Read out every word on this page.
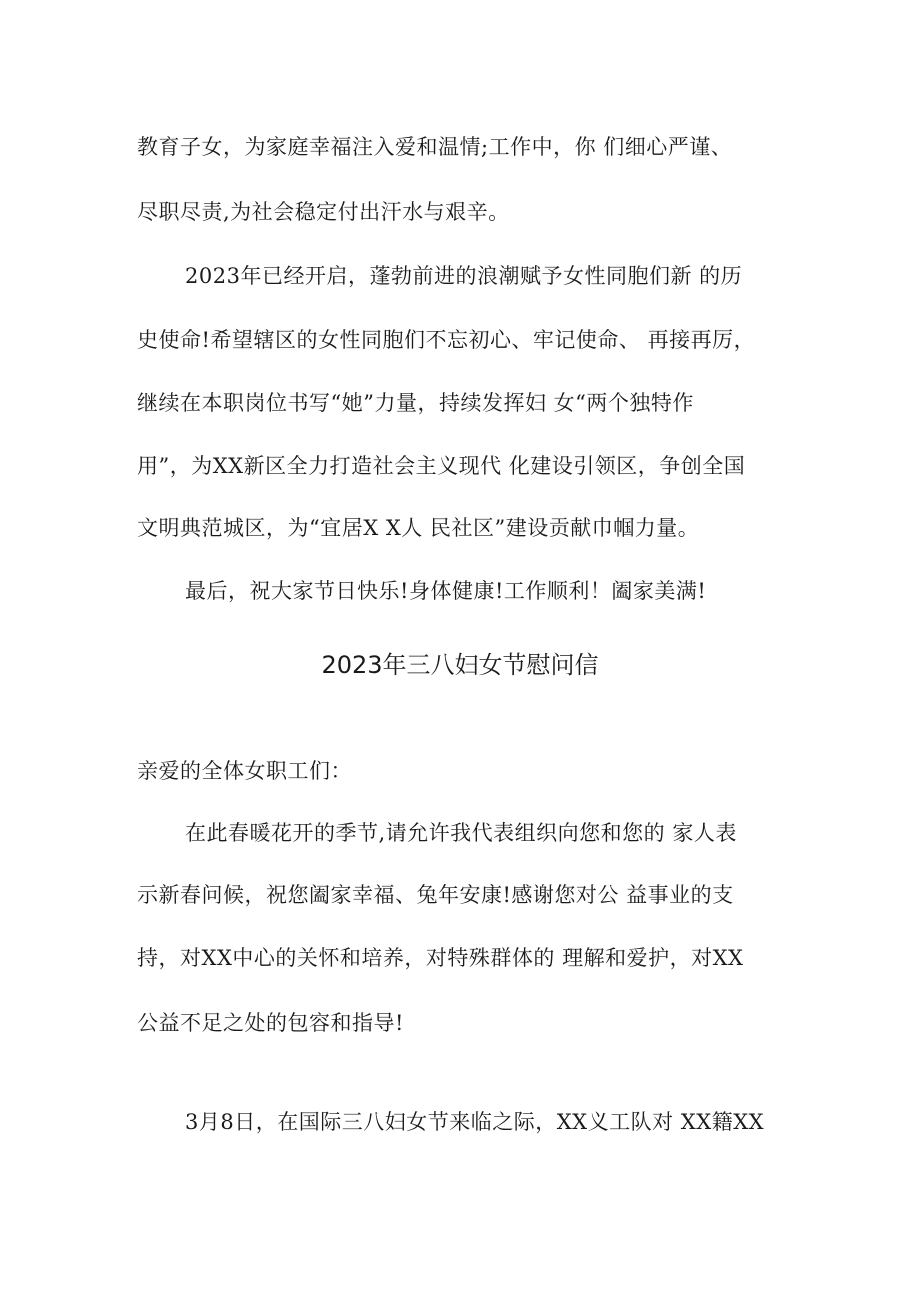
教育子女，为家庭幸福注入爱和温情;工作中，你 们细心严谨、
尽职尽责,为社会稳定付出汗水与艰辛。
2023年已经开启，蓬勃前进的浪潮赋予女性同胞们新 的历
史使命!希望辖区的女性同胞们不忘初心、牢记使命、 再接再厉，
继续在本职岗位书写“她”力量，持续发挥妇 女“两个独特作
用”，为XX新区全力打造社会主义现代 化建设引领区，争创全国
文明典范城区，为“宜居X X人 民社区”建设贡献巾帼力量。
最后，祝大家节日快乐!身体健康!工作顺利！阖家美满!
2023年三八妇女节慰问信
亲爱的全体女职工们：
在此春暖花开的季节,请允许我代表组织向您和您的 家人表
示新春问候，祝您阖家幸福、兔年安康!感谢您对公 益事业的支
持，对XX中心的关怀和培养，对特殊群体的 理解和爱护，对XX
公益不足之处的包容和指导!
3月8日，在国际三八妇女节来临之际，XX义工队对 XX籍XX
